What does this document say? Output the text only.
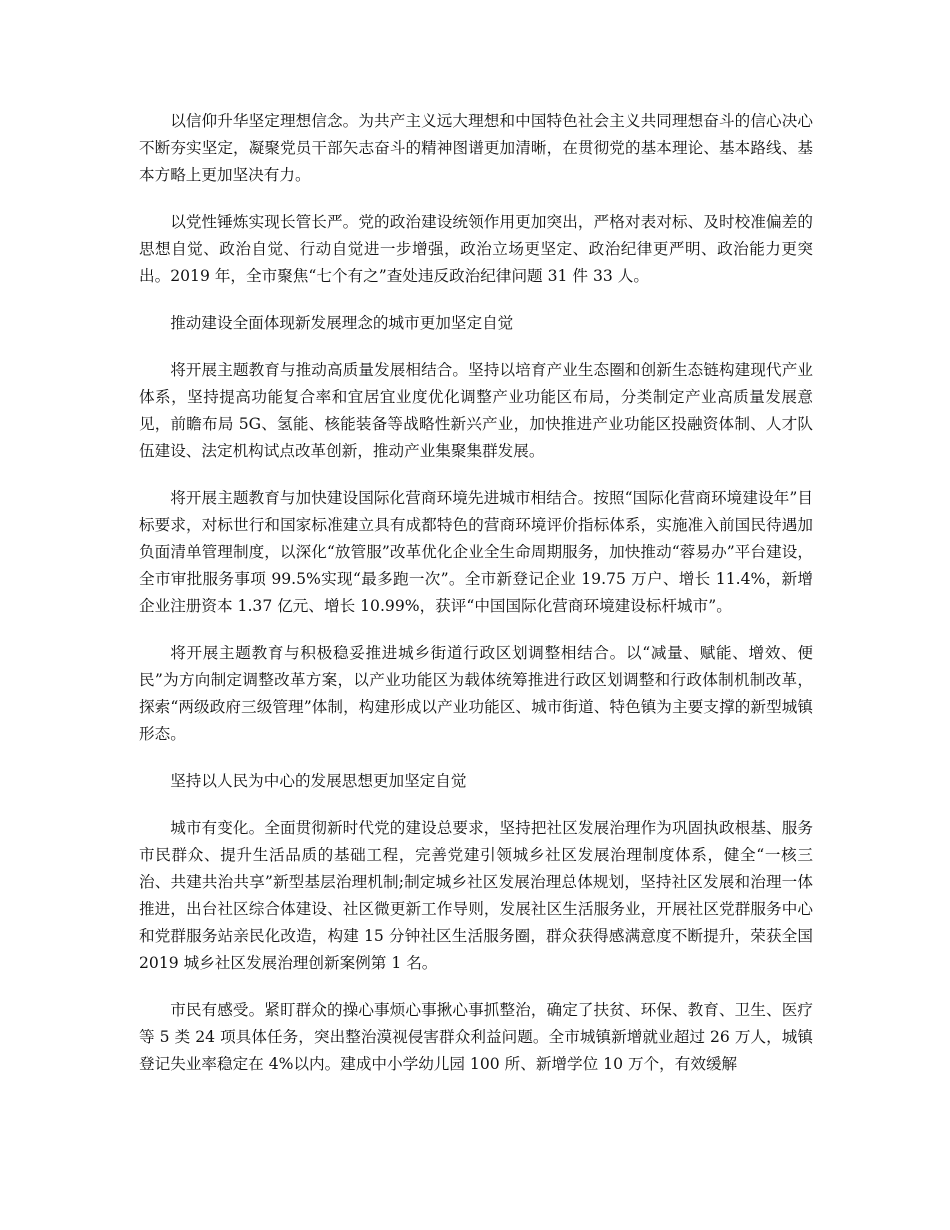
以信仰升华坚定理想信念。为共产主义远大理想和中国特色社会主义共同理想奋斗的信心决心不断夯实坚定，凝聚党员干部矢志奋斗的精神图谱更加清晰，在贯彻党的基本理论、基本路线、基本方略上更加坚决有力。

以党性锤炼实现长管长严。党的政治建设统领作用更加突出，严格对表对标、及时校准偏差的思想自觉、政治自觉、行动自觉进一步增强，政治立场更坚定、政治纪律更严明、政治能力更突出。2019 年，全市聚焦“七个有之”查处违反政治纪律问题 31 件 33 人。

推动建设全面体现新发展理念的城市更加坚定自觉

将开展主题教育与推动高质量发展相结合。坚持以培育产业生态圈和创新生态链构建现代产业体系，坚持提高功能复合率和宜居宜业度优化调整产业功能区布局，分类制定产业高质量发展意见，前瞻布局 5G、氢能、核能装备等战略性新兴产业，加快推进产业功能区投融资体制、人才队伍建设、法定机构试点改革创新，推动产业集聚集群发展。

将开展主题教育与加快建设国际化营商环境先进城市相结合。按照“国际化营商环境建设年”目标要求，对标世行和国家标准建立具有成都特色的营商环境评价指标体系，实施准入前国民待遇加负面清单管理制度，以深化“放管服”改革优化企业全生命周期服务，加快推动“蓉易办”平台建设，全市审批服务事项 99.5%实现“最多跑一次”。全市新登记企业 19.75 万户、增长 11.4%，新增企业注册资本 1.37 亿元、增长 10.99%，获评“中国国际化营商环境建设标杆城市”。

将开展主题教育与积极稳妥推进城乡街道行政区划调整相结合。以“减量、赋能、增效、便民”为方向制定调整改革方案，以产业功能区为载体统筹推进行政区划调整和行政体制机制改革，探索“两级政府三级管理”体制，构建形成以产业功能区、城市街道、特色镇为主要支撑的新型城镇形态。

坚持以人民为中心的发展思想更加坚定自觉

城市有变化。全面贯彻新时代党的建设总要求，坚持把社区发展治理作为巩固执政根基、服务市民群众、提升生活品质的基础工程，完善党建引领城乡社区发展治理制度体系，健全“一核三治、共建共治共享”新型基层治理机制;制定城乡社区发展治理总体规划，坚持社区发展和治理一体推进，出台社区综合体建设、社区微更新工作导则，发展社区生活服务业，开展社区党群服务中心和党群服务站亲民化改造，构建 15 分钟社区生活服务圈，群众获得感满意度不断提升，荣获全国 2019 城乡社区发展治理创新案例第 1 名。

市民有感受。紧盯群众的操心事烦心事揪心事抓整治，确定了扶贫、环保、教育、卫生、医疗等 5 类 24 项具体任务，突出整治漠视侵害群众利益问题。全市城镇新增就业超过 26 万人，城镇登记失业率稳定在 4%以内。建成中小学幼儿园 100 所、新增学位 10 万个，有效缓解
